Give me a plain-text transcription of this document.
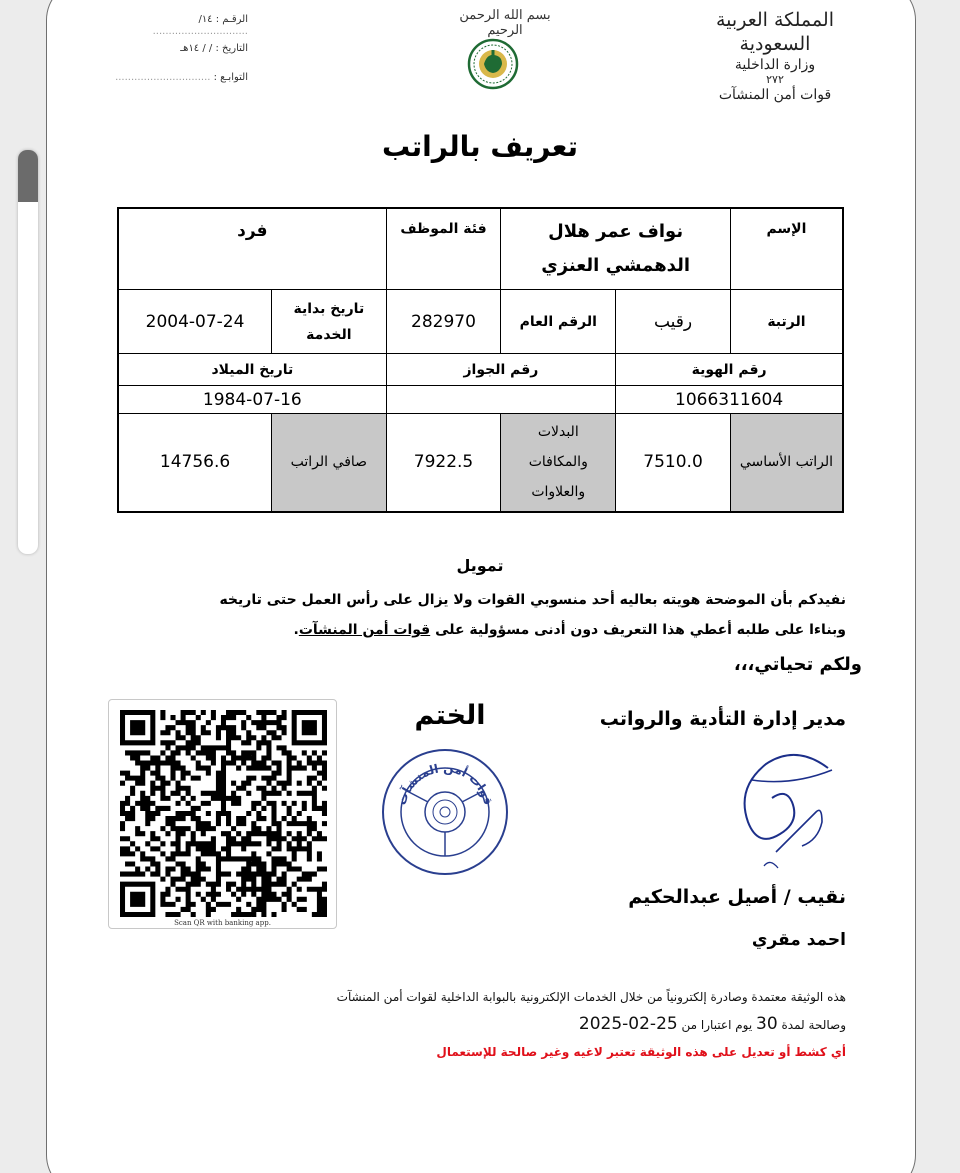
الرقـم : ١٤/ ..............................
التاريخ : / / ١٤هـ
التوابـع : ..............................
بسم الله الرحمن الرحيم	المملكة العربية السعودية
وزارة الداخلية
٢٧٢
قوات أمن المنشآت
تعريف بالراتب
الإسم	نواف عمر هلال الدهمشي العنزي		فئة الموظف	فرد	
الرتبة	رقيب	الرقم العام	282970	تاريخ بداية الخدمة	2004-07-24
رقم الهوية		رقم الجواز		تاريخ الميلاد	
1066311604				1984-07-16	
الراتب الأساسي	7510.0	البدلات والمكافات والعلاوات	7922.5	صافي الراتب	14756.6
تمويل
نفيدكم بأن الموضحة هويته بعاليه أحد منسوبي القوات ولا يزال على رأس العمل حتى تاريخه
وبناءا على طلبه أعطي هذا التعريف دون أدنى مسؤولية على قوات أمن المنشآت.
ولكم تحياتي،،،
Scan QR with banking app.
الختم
قوات أمن المنشآت
مدير إدارة التأدية والرواتب
نقيب / أصيل عبدالحكيم
احمد مقري
هذه الوثيقة معتمدة وصادرة إلكترونياً من خلال الخدمات الإلكترونية بالبوابة الداخلية لقوات أمن المنشآت
وصالحة لمدة 30 يوم اعتبارا من 25-02-2025
أي كشط أو تعديل على هذه الوثيقة تعتبر لاغيه وغير صالحة للإستعمال
